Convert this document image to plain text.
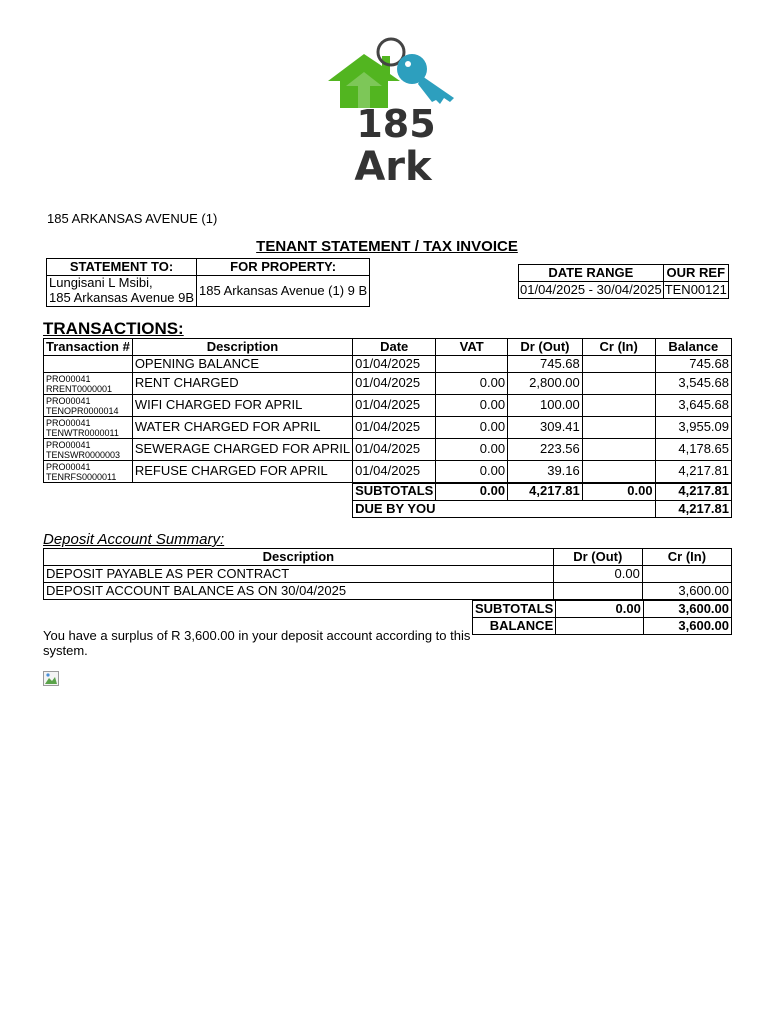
185
Ark
185 ARKANSAS AVENUE (1)
TENANT STATEMENT / TAX INVOICE
STATEMENT TO:	FOR PROPERTY:

Lungisani L Msibi,
185 Arkansas Avenue 9B	185 Arkansas Avenue (1) 9 B
DATE RANGE	OUR REF
01/04/2025 - 30/04/2025	TEN00121
TRANSACTIONS:
Transaction #	Description	Date	VAT	Dr (Out)	Cr (In)	Balance

	OPENING BALANCE	01/04/2025		745.68		745.68

PRO00041
RRENT0000001	RENT CHARGED	01/04/2025	0.00	2,800.00		3,545.68

PRO00041
TENOPR0000014	WIFI CHARGED FOR APRIL	01/04/2025	0.00	100.00		3,645.68

PRO00041
TENWTR0000011	WATER CHARGED FOR APRIL	01/04/2025	0.00	309.41		3,955.09

PRO00041
TENSWR0000003	SEWERAGE CHARGED FOR APRIL	01/04/2025	0.00	223.56		4,178.65

PRO00041
TENRFS0000011	REFUSE CHARGED FOR APRIL	01/04/2025	0.00	39.16		4,217.81
		SUBTOTALS	0.00	4,217.81	0.00	4,217.81
		DUE BY YOU				4,217.81
Deposit Account Summary:
Description	Dr (Out)	Cr (In)
DEPOSIT PAYABLE AS PER CONTRACT	0.00	
DEPOSIT ACCOUNT BALANCE AS ON 30/04/2025		3,600.00
SUBTOTALS	0.00	3,600.00
BALANCE		3,600.00
You have a surplus of R 3,600.00 in your deposit account according to this system.
